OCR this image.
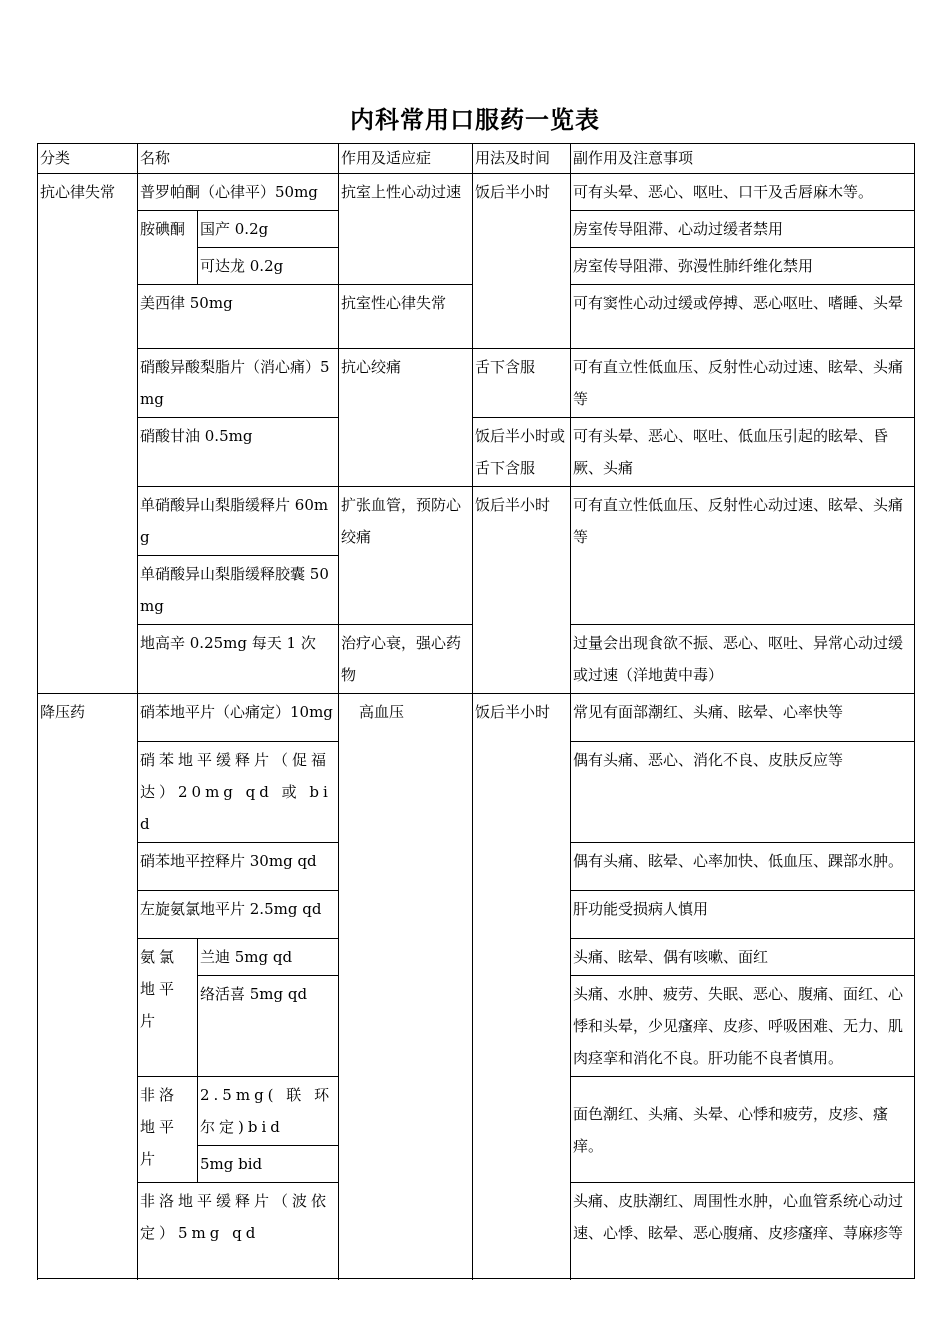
内科常用口服药一览表
分类	名称		作用及适应症	用法及时间	副作用及注意事项
抗心律失常	普罗帕酮（心律平）50mg		抗室上性心动过速	饭后半小时	可有头晕、恶心、呕吐、口干及舌唇麻木等。
	胺碘酮	国产 0.2g			房室传导阻滞、心动过缓者禁用
		可达龙 0.2g			房室传导阻滞、弥漫性肺纤维化禁用
	美西律 50mg		抗室性心律失常		可有窦性心动过缓或停搏、恶心呕吐、嗜睡、头晕
	硝酸异酸梨脂片（消心痛）5mg		抗心绞痛	舌下含服	可有直立性低血压、反射性心动过速、眩晕、头痛等
	硝酸甘油 0.5mg			饭后半小时或舌下含服	可有头晕、恶心、呕吐、低血压引起的眩晕、昏厥、头痛
	单硝酸异山梨脂缓释片 60mg		扩张血管，预防心绞痛	饭后半小时	可有直立性低血压、反射性心动过速、眩晕、头痛等
	单硝酸异山梨脂缓释胶囊 50mg				
	地高辛 0.25mg 每天 1 次		治疗心衰，强心药物		过量会出现食欲不振、恶心、呕吐、异常心动过缓或过速（洋地黄中毒）

降压药	硝苯地平片（心痛定）10mg		高血压	饭后半小时	常见有面部潮红、头痛、眩晕、心率快等
	硝苯地平缓释片（促福达）20mg qd 或 bid				偶有头痛、恶心、消化不良、皮肤反应等
	硝苯地平控释片 30mg qd				偶有头痛、眩晕、心率加快、低血压、踝部水肿。
	左旋氨氯地平片 2.5mg qd				肝功能受损病人慎用
	氨氯地平片	兰迪 5mg qd			头痛、眩晕、偶有咳嗽、面红
		络活喜 5mg qd			头痛、水肿、疲劳、失眠、恶心、腹痛、面红、心悸和头晕，少见瘙痒、皮疹、呼吸困难、无力、肌肉痉挛和消化不良。肝功能不良者慎用。
	非洛地平片	2.5mg( 联 环 尔定)bid			面色潮红、头痛、头晕、心悸和疲劳，皮疹、瘙痒。
		5mg bid			
	非洛地平缓释片（波依定）5mg qd				头痛、皮肤潮红、周围性水肿，心血管系统心动过速、心悸、眩晕、恶心腹痛、皮疹瘙痒、荨麻疹等
